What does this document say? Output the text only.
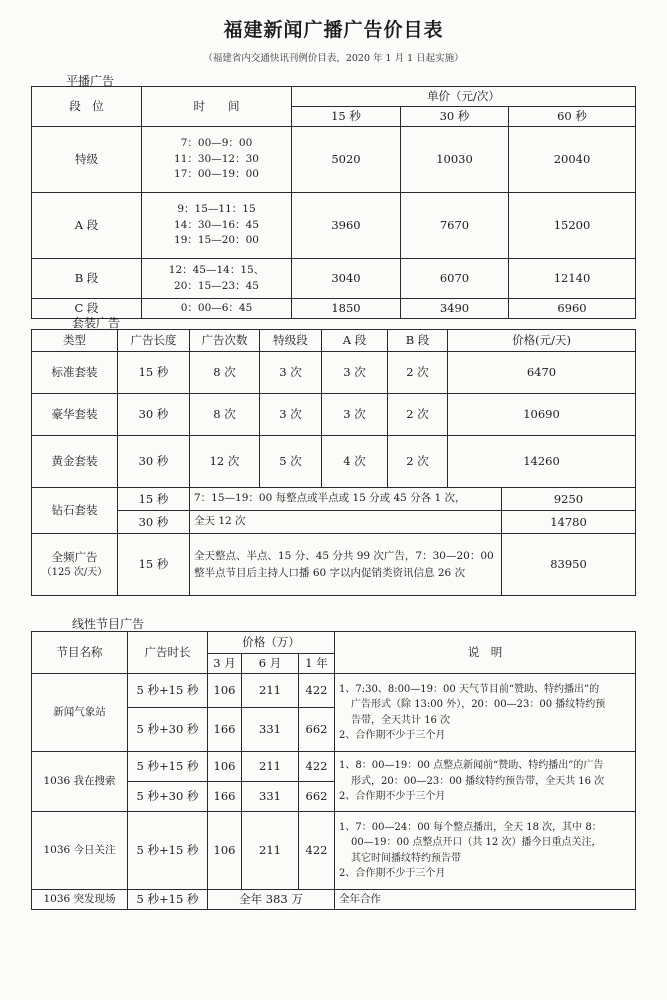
福建新闻广播广告价目表
（福建省内交通快讯刊例价目表，2020 年 1 月 1 日起实施）
平播广告
段　位	时　　间	单价（元/次）		
		15 秒	30 秒	60 秒
特级	7：00—9：00
11：30—12：30
17：00—19：00	5020	10030	20040
A 段	9：15—11：15
14：30—16：45
19：15—20：00	3960	7670	15200
B 段	12：45—14：15、
20：15—23：45	3040	6070	12140
C 段	0：00—6：45	1850	3490	6960
套装广告
类型	广告长度	广告次数	特级段	A 段	B 段	价格(元/天)	
标准套装	15 秒	8 次	3 次	3 次	2 次	6470	
豪华套装	30 秒	8 次	3 次	3 次	2 次	10690	
黄金套装	30 秒	12 次	5 次	4 次	2 次	14260	
钻石套装	15 秒	7：15—19：00 每整点或半点或 15 分或 45 分各 1 次，					9250
	30 秒	全天 12 次					14780

全频广告
（125 次/天）	15 秒	全天整点、半点、15 分、45 分共 99 次广告，7：30—20：00 整半点节目后主持人口播 60 字以内促销类资讯信息 26 次					83950
线性节目广告
节目名称	广告时长	价格（万）			说　明
		3 月	6 月	1 年	
新闻气象站	5 秒+15 秒	106	211	422	1、7:30、8:00—19：00 天气节目前“赞助、特约播出”的
广告形式（除 13:00 外），20：00—23：00 播纹特约预
告带，全天共计 16 次
2、合作期不少于三个月

	5 秒+30 秒	166	331	662	
1036 我在搜索	5 秒+15 秒	106	211	422	1、8：00—19：00 点整点新闻前“赞助、特约播出”的广告
形式，20：00—23：00 播纹特约预告带，全天共 16 次
2、合作期不少于三个月

	5 秒+30 秒	166	331	662	
1036 今日关注	5 秒+15 秒	106	211	422	1、7：00—24：00 每个整点播出，全天 18 次，其中 8：
00—19：00 点整点开口（共 12 次）播今日重点关注，
其它时间播纹特约预告带
2、合作期不少于三个月

1036 突发现场	5 秒+15 秒	全年 383 万			全年合作
